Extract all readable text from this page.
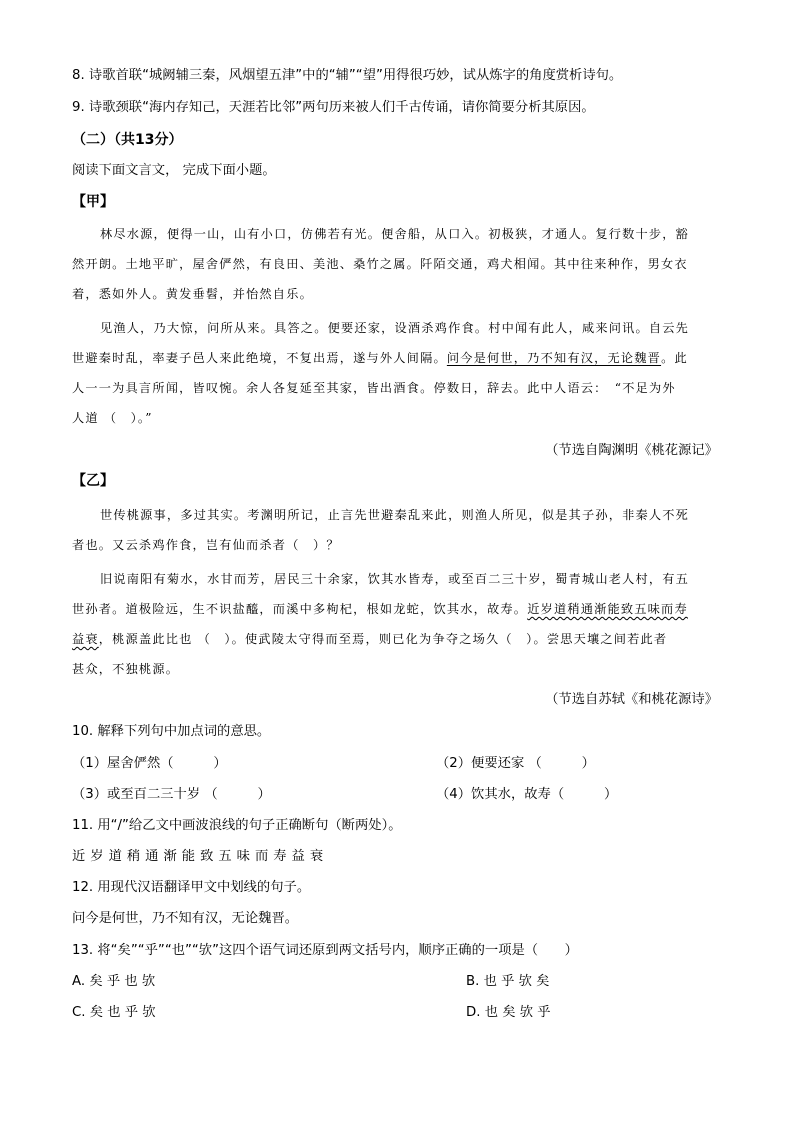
8. 诗歌首联“城阙辅三秦，风烟望五津”中的“辅”“望”用得很巧妙，试从炼字的角度赏析诗句。
9. 诗歌颈联“海内存知己，天涯若比邻”两句历来被人们千古传诵，请你简要分析其原因。
（二）（共13分）
阅读下面文言文， 完成下面小题。
【甲】
林尽水源，便得一山，山有小口，仿佛若有光。便舍船，从口入。初极狭，才通人。复行数十步，豁
然开朗。土地平旷，屋舍俨然，有良田、美池、桑竹之属。阡陌交通，鸡犬相闻。其中往来种作，男女衣
着，悉如外人。黄发垂髫，并怡然自乐。
见渔人，乃大惊，问所从来。具答之。便要还家，设酒杀鸡作食。村中闻有此人，咸来问讯。自云先
世避秦时乱，率妻子邑人来此绝境，不复出焉，遂与外人间隔。问今是何世，乃不知有汉，无论魏晋。此
人一一为具言所闻，皆叹惋。余人各复延至其家，皆出酒食。停数日，辞去。此中人语云：　“不足为外
人道 （　）。”
（节选自陶渊明《桃花源记》
【乙】
世传桃源事，多过其实。考渊明所记，止言先世避秦乱来此，则渔人所见，似是其子孙，非秦人不死
者也。又云杀鸡作食，岂有仙而杀者（　）？
旧说南阳有菊水，水甘而芳，居民三十余家，饮其水皆寿，或至百二三十岁，蜀青城山老人村，有五
世孙者。道极险远，生不识盐醯，而溪中多枸杞，根如龙蛇，饮其水，故寿。近岁道稍通渐能致五味而寿
益衰，桃源盖此比也 （　）。使武陵太守得而至焉，则已化为争夺之场久（　）。尝思天壤之间若此者
甚众，不独桃源。
（节选自苏轼《和桃花源诗》
10. 解释下列句中加点词的意思。
（1）屋舍俨然（　　　）	（2）便要还家 （　　　）
（3）或至百二三十岁 （　　　）	（4）饮其水，故寿（　　　）
11. 用“/”给乙文中画波浪线的句子正确断句（断两处）。
近岁道稍通渐能致五味而寿益衰
12. 用现代汉语翻译甲文中划线的句子。
问今是何世，乃不知有汉，无论魏晋。
13. 将“矣”“乎”“也”“欤”这四个语气词还原到两文括号内，顺序正确的一项是（　　）
A. 矣 乎 也 欤	B. 也 乎 欤 矣
C. 矣 也 乎 欤	D. 也 矣 欤 乎
